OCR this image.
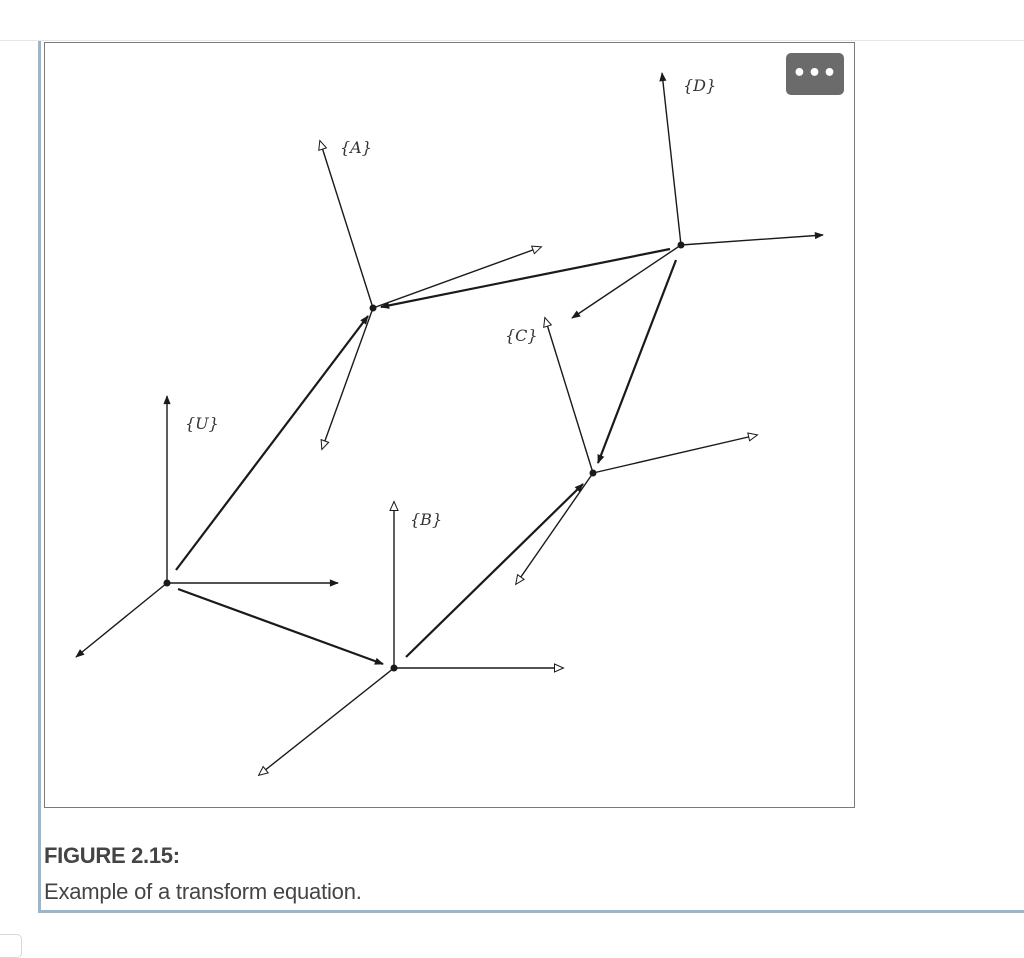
{U}
{A}
{B}
{C}
{D}	•••
FIGURE 2.15:
Example of a transform equation.
